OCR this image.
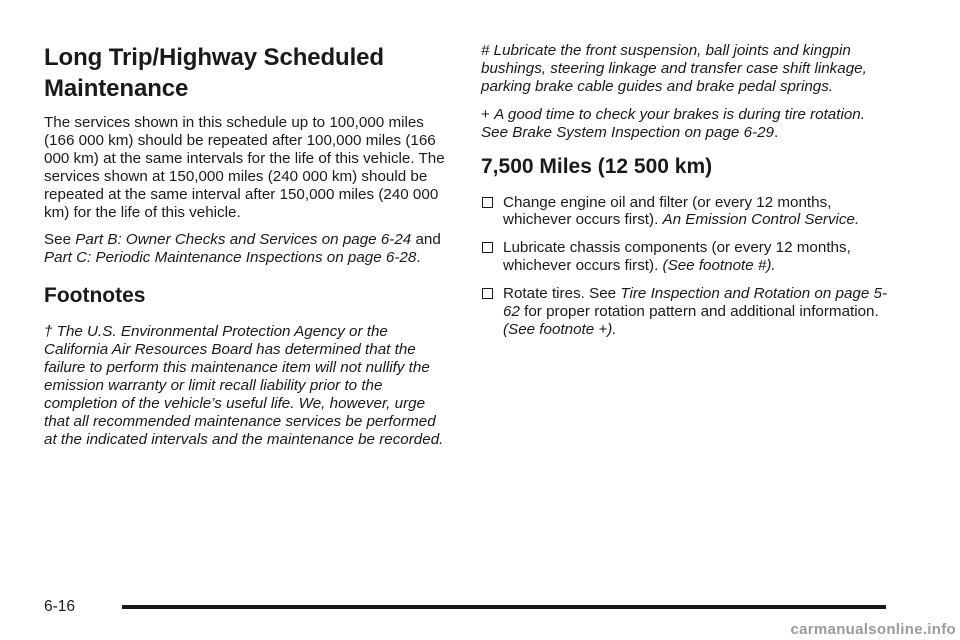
Long Trip/Highway Scheduled Maintenance

The services shown in this schedule up to 100,000 miles (166 000 km) should be repeated after 100,000 miles (166 000 km) at the same intervals for the life of this vehicle. The services shown at 150,000 miles (240 000 km) should be repeated at the same interval after 150,000 miles (240 000 km) for the life of this vehicle.

See Part B: Owner Checks and Services on page 6-24 and Part C: Periodic Maintenance Inspections on page 6-28.

Footnotes

† The U.S. Environmental Protection Agency or the California Air Resources Board has determined that the failure to perform this maintenance item will not nullify the emission warranty or limit recall liability prior to the completion of the vehicle’s useful life. We, however, urge that all recommended maintenance services be performed at the indicated intervals and the maintenance be recorded.

# Lubricate the front suspension, ball joints and kingpin bushings, steering linkage and transfer case shift linkage, parking brake cable guides and brake pedal springs.

+ A good time to check your brakes is during tire rotation. See Brake System Inspection on page 6-29.

7,500 Miles (12 500 km)
Change engine oil and filter (or every 12 months, whichever occurs first). An Emission Control Service.
Lubricate chassis components (or every 12 months, whichever occurs first). (See footnote #).
Rotate tires. See Tire Inspection and Rotation on page 5-62 for proper rotation pattern and additional information. (See footnote +).
6-16
carmanualsonline.info
